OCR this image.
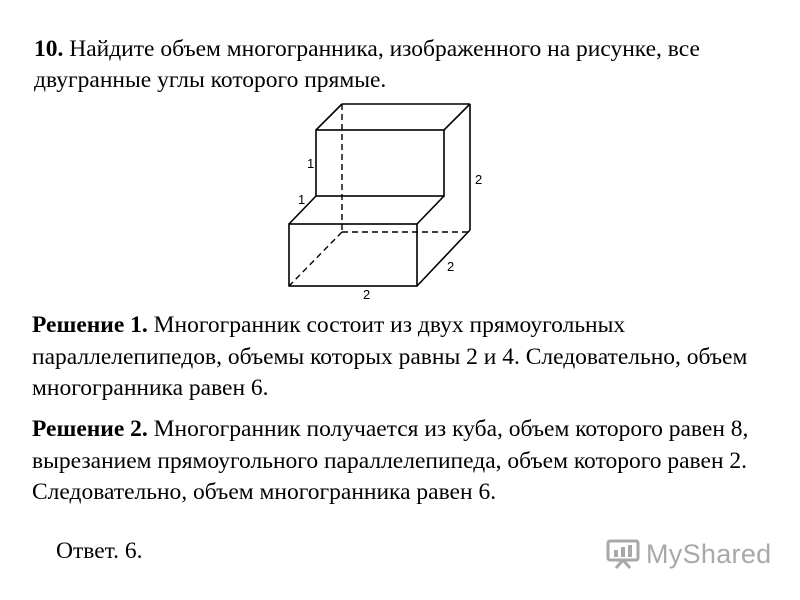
10. Найдите объем многогранника, изображенного на рисунке, все двугранные углы которого прямые.

1
1
2
2
2

Решение 1. Многогранник состоит из двух прямоугольных параллелепипедов, объемы которых равны 2 и 4. Следовательно, объем многогранника равен 6.

Решение 2. Многогранник получается из куба, объем которого равен 8, вырезанием прямоугольного параллелепипеда, объем которого равен 2. Следовательно, объем многогранника равен 6.

Ответ. 6.	MyShared
